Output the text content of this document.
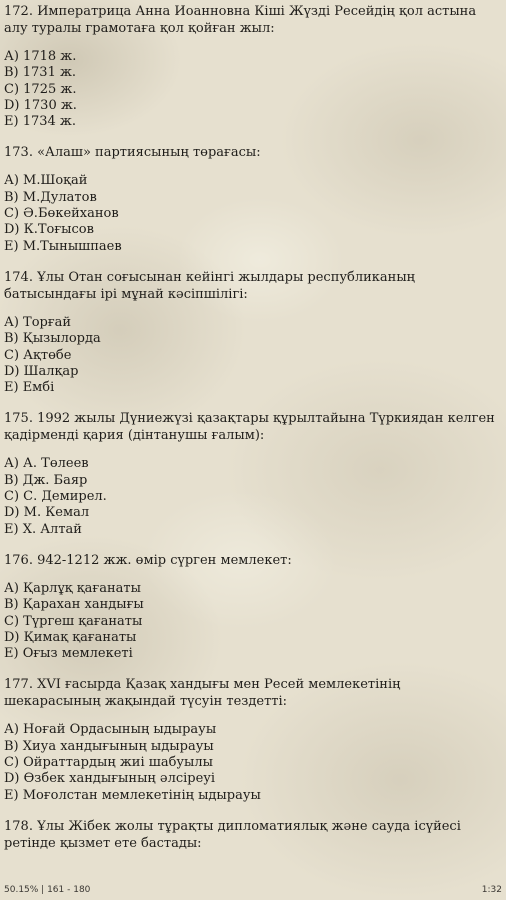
172. Императрица Анна Иоанновна Кіші Жүзді Ресейдің қол астына алу туралы грамотаға қол қойған жыл:

А) 1718 ж.

В) 1731 ж.

С) 1725 ж.

D) 1730 ж.

Е) 1734 ж.

173. «Алаш» партиясының төрағасы:

А) М.Шоқай

В) М.Дулатов

С) Ә.Бөкейханов

D) К.Тоғысов

Е) М.Тынышпаев

174. Ұлы Отан соғысынан кейінгі жылдары республиканың батысындағы ірі мұнай кәсіпшілігі:

А) Торғай

В) Қызылорда

С) Ақтөбе

D) Шалқар

Е) Ембі

175. 1992 жылы Дүниежүзі қазақтары құрылтайына Түркиядан келген қадірменді қария (дінтанушы ғалым):

А) А. Төлеев

В) Дж. Баяр

С) С. Демирел.

D) М. Кемал

Е) Х. Алтай

176. 942-1212 жж. өмір сүрген мемлекет:

А) Қарлұқ қағанаты

В) Қарахан хандығы

С) Түргеш қағанаты

D) Қимақ қағанаты

Е) Оғыз мемлекеті

177. XVI ғасырда Қазақ хандығы мен Ресей мемлекетінің шекарасының жақындай түсуін тездетті:

А) Ноғай Ордасының ыдырауы

В) Хиуа хандығының ыдырауы

С) Ойраттардың жиі шабуылы

D) Өзбек хандығының әлсіреуі

Е) Моғолстан мемлекетінің ыдырауы

178. Ұлы Жібек жолы тұрақты дипломатиялық және сауда ісүйесі ретінде қызмет ете бастады:

50.15% | 161 - 180	1:32
